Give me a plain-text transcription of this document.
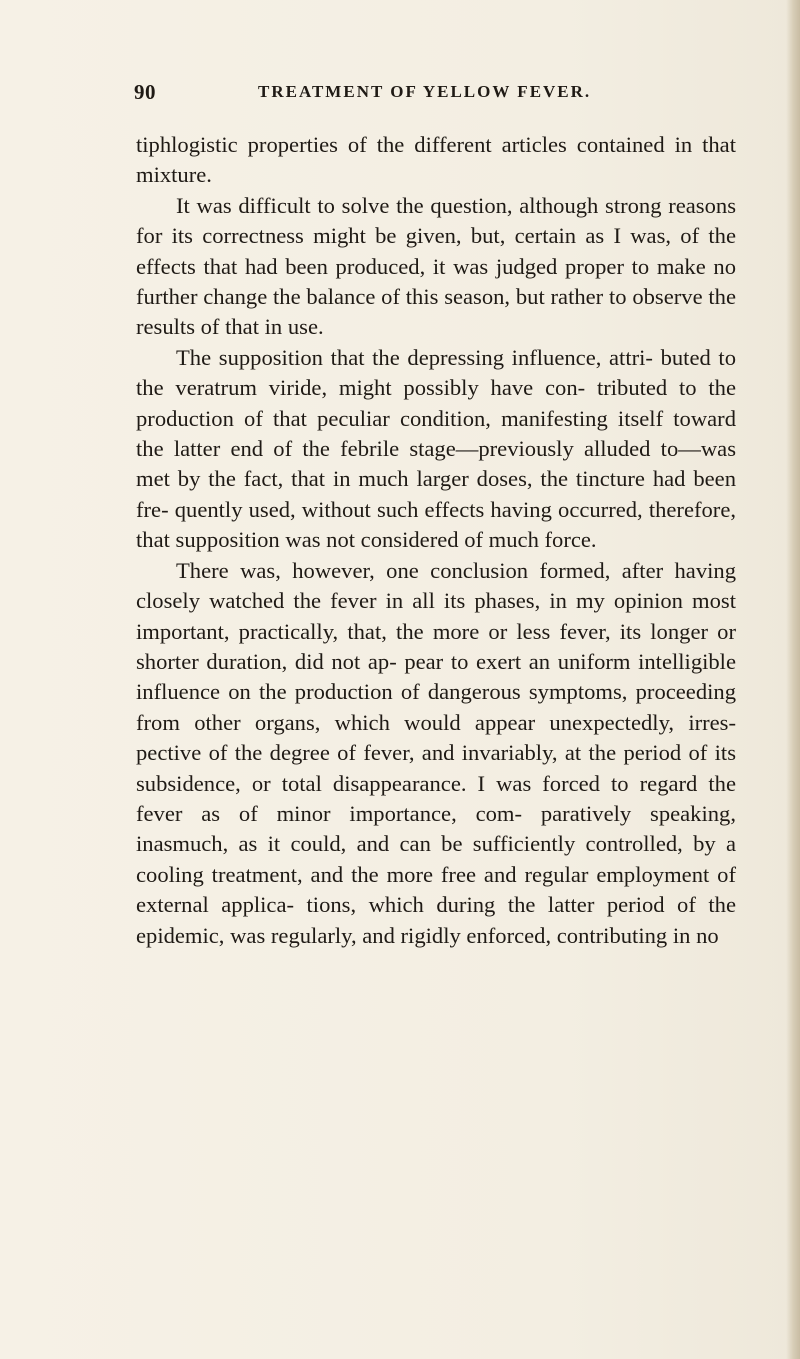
90	TREATMENT OF YELLOW FEVER.

tiphlogistic properties of the different articles contained in that mixture.

It was difficult to solve the question, although strong reasons for its correctness might be given, but, certain as I was, of the effects that had been produced, it was judged proper to make no further change the balance of this season, but rather to observe the results of that in use.

The supposition that the depressing influence, attri- buted to the veratrum viride, might possibly have con- tributed to the production of that peculiar condition, manifesting itself toward the latter end of the febrile stage—previously alluded to—was met by the fact, that in much larger doses, the tincture had been fre- quently used, without such effects having occurred, therefore, that supposition was not considered of much force.

There was, however, one conclusion formed, after having closely watched the fever in all its phases, in my opinion most important, practically, that, the more or less fever, its longer or shorter duration, did not ap- pear to exert an uniform intelligible influence on the production of dangerous symptoms, proceeding from other organs, which would appear unexpectedly, irres- pective of the degree of fever, and invariably, at the period of its subsidence, or total disappearance. I was forced to regard the fever as of minor importance, com- paratively speaking, inasmuch, as it could, and can be sufficiently controlled, by a cooling treatment, and the more free and regular employment of external applica- tions, which during the latter period of the epidemic, was regularly, and rigidly enforced, contributing in no
